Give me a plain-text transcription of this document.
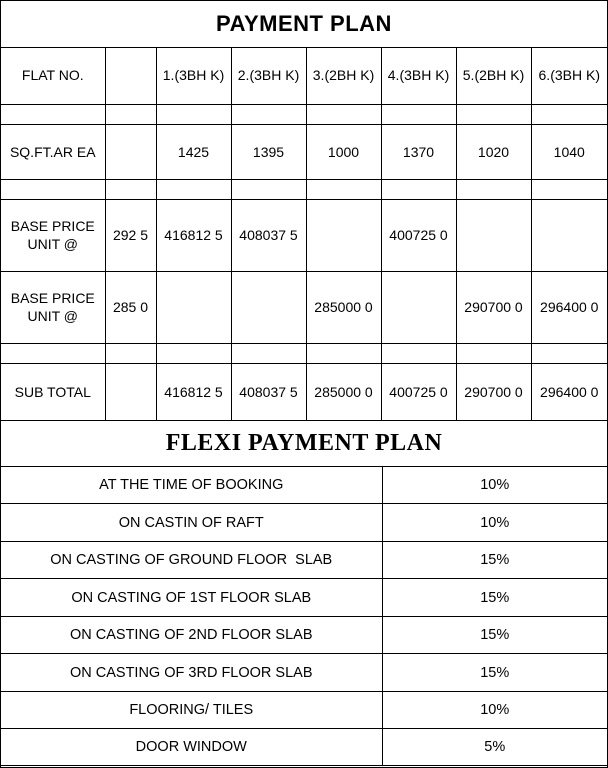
PAYMENT PLAN
FLAT NO.		1.(3BH K)	2.(3BH K)	3.(2BH K)	4.(3BH K)	5.(2BH K)	6.(3BH K)

SQ.FT.AR EA		1425	1395	1000	1370	1020	1040

BASE PRICE UNIT @	292 5	416812 5	408037 5		400725 0		
BASE PRICE UNIT @	285 0			285000 0		290700 0	296400 0

SUB TOTAL		416812 5	408037 5	285000 0	400725 0	290700 0	296400 0
FLEXI PAYMENT PLAN
AT THE TIME OF BOOKING	10%
ON CASTIN OF RAFT	10%
ON CASTING OF GROUND FLOOR  SLAB	15%
ON CASTING OF 1ST FLOOR SLAB	15%
ON CASTING OF 2ND FLOOR SLAB	15%
ON CASTING OF 3RD FLOOR SLAB	15%
FLOORING/ TILES	10%
DOOR WINDOW	5%
